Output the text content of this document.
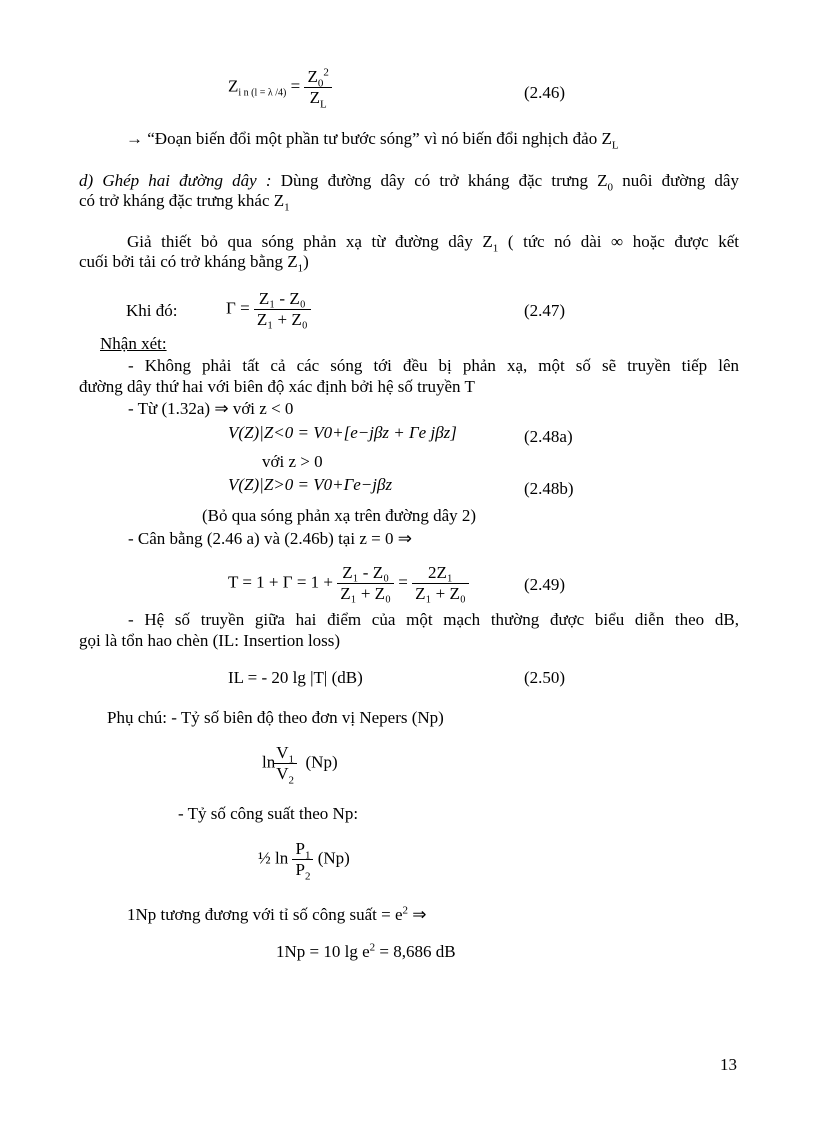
$Z_{i n (l = \lambda /4)} = \frac{Z_0^2}{Z_L}$	(2.46)
→ “Đoạn biến đổi một phần tư bước sóng” vì nó biến đổi nghịch đảo $Z_L$
d) Ghép hai đường dây : Dùng đường dây có trở kháng đặc trưng $Z_0$ nuôi đường dây
có trở kháng đặc trưng khác $Z_1$
Giả thiết bỏ qua sóng phản xạ từ đường dây $Z_1$ ( tức nó dài ∞ hoặc được kết
cuối bởi tải có trở kháng bằng $Z_1$)
Khi đó:	$\Gamma = \frac{\text{Z₁ - Z₀}}{\text{Z₁ + Z₀}}$	(2.47)
Nhận xét:
- Không phải tất cả các sóng tới đều bị phản xạ, một số sẽ truyền tiếp lên
đường dây thứ hai với biên độ xác định bởi hệ số truyền T
- Từ (1.32a) ⇒ với z < 0
V(Z)|Z<0 = V0+[e−jβz + Γe jβz]	(2.48a)
với z > 0
V(Z)|Z>0 = V0+Γe−jβz	(2.48b)
(Bỏ qua sóng phản xạ trên đường dây 2)
- Cân bằng (2.46 a) và (2.46b) tại z = 0 ⇒
$T = 1 + \Gamma = 1 + \frac{\text{Z₁ - Z₀}}{\text{Z₁ + Z₀}} = \frac{\text{2Z₁}}{\text{Z₁ + Z₀}}$	(2.49)
- Hệ số truyền giữa hai điểm của một mạch thường được biểu diễn theo dB,
gọi là tổn hao chèn (IL: Insertion loss)
IL = - 20 lg |T| (dB)	(2.50)
Phụ chú: - Tỷ số biên độ theo đơn vị Nepers (Np)
ln
$\frac{V_1}{V_2} (Np)$
- Tỷ số công suất theo Np:
½ $\ln \frac{P_1}{P_2} (Np)$
1Np tương đương với tỉ số công suất = $e^2$ ⇒
1Np = 10 $\lg e^2 = 8,686$ dB
13
